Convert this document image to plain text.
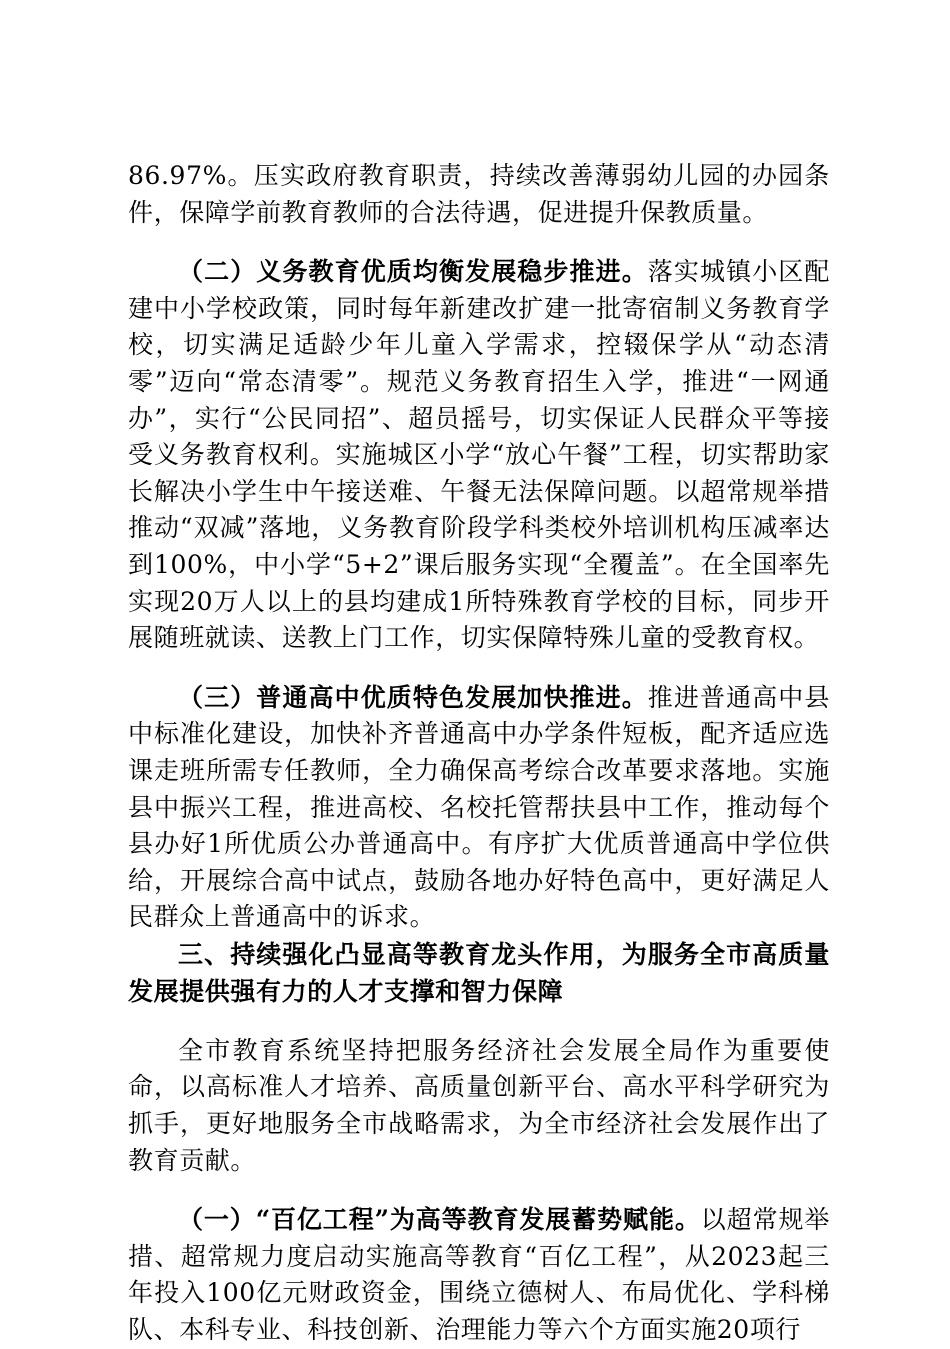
86.97%。压实政府教育职责，持续改善薄弱幼儿园的办园条件，保障学前教育教师的合法待遇，促进提升保教质量。

（二）义务教育优质均衡发展稳步推进。落实城镇小区配建中小学校政策，同时每年新建改扩建一批寄宿制义务教育学校，切实满足适龄少年儿童入学需求，控辍保学从“动态清零”迈向“常态清零”。规范义务教育招生入学，推进“一网通办”，实行“公民同招”、超员摇号，切实保证人民群众平等接受义务教育权利。实施城区小学“放心午餐”工程，切实帮助家长解决小学生中午接送难、午餐无法保障问题。以超常规举措推动“双减”落地，义务教育阶段学科类校外培训机构压减率达到100%，中小学“5+2”课后服务实现“全覆盖”。在全国率先实现20万人以上的县均建成1所特殊教育学校的目标，同步开展随班就读、送教上门工作，切实保障特殊儿童的受教育权。

（三）普通高中优质特色发展加快推进。推进普通高中县中标准化建设，加快补齐普通高中办学条件短板，配齐适应选课走班所需专任教师，全力确保高考综合改革要求落地。实施县中振兴工程，推进高校、名校托管帮扶县中工作，推动每个县办好1所优质公办普通高中。有序扩大优质普通高中学位供给，开展综合高中试点，鼓励各地办好特色高中，更好满足人民群众上普通高中的诉求。

三、持续强化凸显高等教育龙头作用，为服务全市高质量发展提供强有力的人才支撑和智力保障

全市教育系统坚持把服务经济社会发展全局作为重要使命，以高标准人才培养、高质量创新平台、高水平科学研究为抓手，更好地服务全市战略需求，为全市经济社会发展作出了教育贡献。

（一）“百亿工程”为高等教育发展蓄势赋能。以超常规举措、超常规力度启动实施高等教育“百亿工程”，从2023起三年投入100亿元财政资金，围绕立德树人、布局优化、学科梯队、本科专业、科技创新、治理能力等六个方面实施20项行
